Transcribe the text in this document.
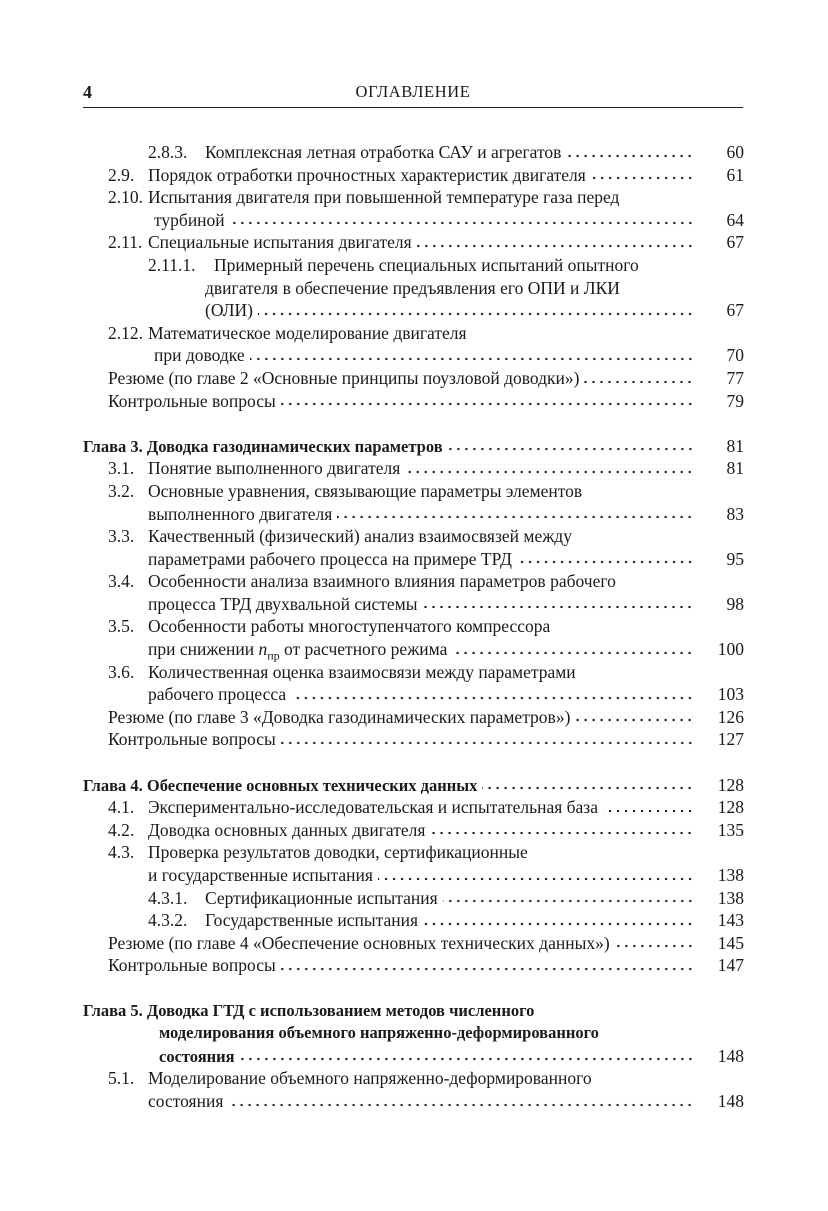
4	ОГЛАВЛЕНИЕ
2.8.3. Комплексная летная отработка САУ и агрегатов	60
2.9. Порядок отработки прочностных характеристик двигателя	61
2.10. Испытания двигателя при повышенной температуре газа перед
турбиной	64
2.11. Специальные испытания двигателя	67
2.11.1. Примерный перечень специальных испытаний опытного
двигателя в обеспечение предъявления его ОПИ и ЛКИ
(ОЛИ)	67
2.12. Математическое моделирование двигателя
при доводке	70
Резюме (по главе 2 «Основные принципы поузловой доводки»)	77
Контрольные вопросы	79
Глава 3. Доводка газодинамических параметров	81
3.1. Понятие выполненного двигателя	81
3.2. Основные уравнения, связывающие параметры элементов
выполненного двигателя	83
3.3. Качественный (физический) анализ взаимосвязей между
параметрами рабочего процесса на примере ТРД	95
3.4. Особенности анализа взаимного влияния параметров рабочего
процесса ТРД двухвальной системы	98
3.5. Особенности работы многоступенчатого компрессора
при снижении $n_{пр}$ от расчетного режима	100
3.6. Количественная оценка взаимосвязи между параметрами
рабочего процесса	103
Резюме (по главе 3 «Доводка газодинамических параметров»)	126
Контрольные вопросы	127
Глава 4. Обеспечение основных технических данных	128
4.1. Экспериментально-исследовательская и испытательная база	128
4.2. Доводка основных данных двигателя	135
4.3. Проверка результатов доводки, сертификационные
и государственные испытания	138
4.3.1. Сертификационные испытания	138
4.3.2. Государственные испытания	143
Резюме (по главе 4 «Обеспечение основных технических данных»)	145
Контрольные вопросы	147
Глава 5. Доводка ГТД с использованием методов численного
моделирования объемного напряженно-деформированного
состояния	148
5.1. Моделирование объемного напряженно-деформированного
состояния	148
